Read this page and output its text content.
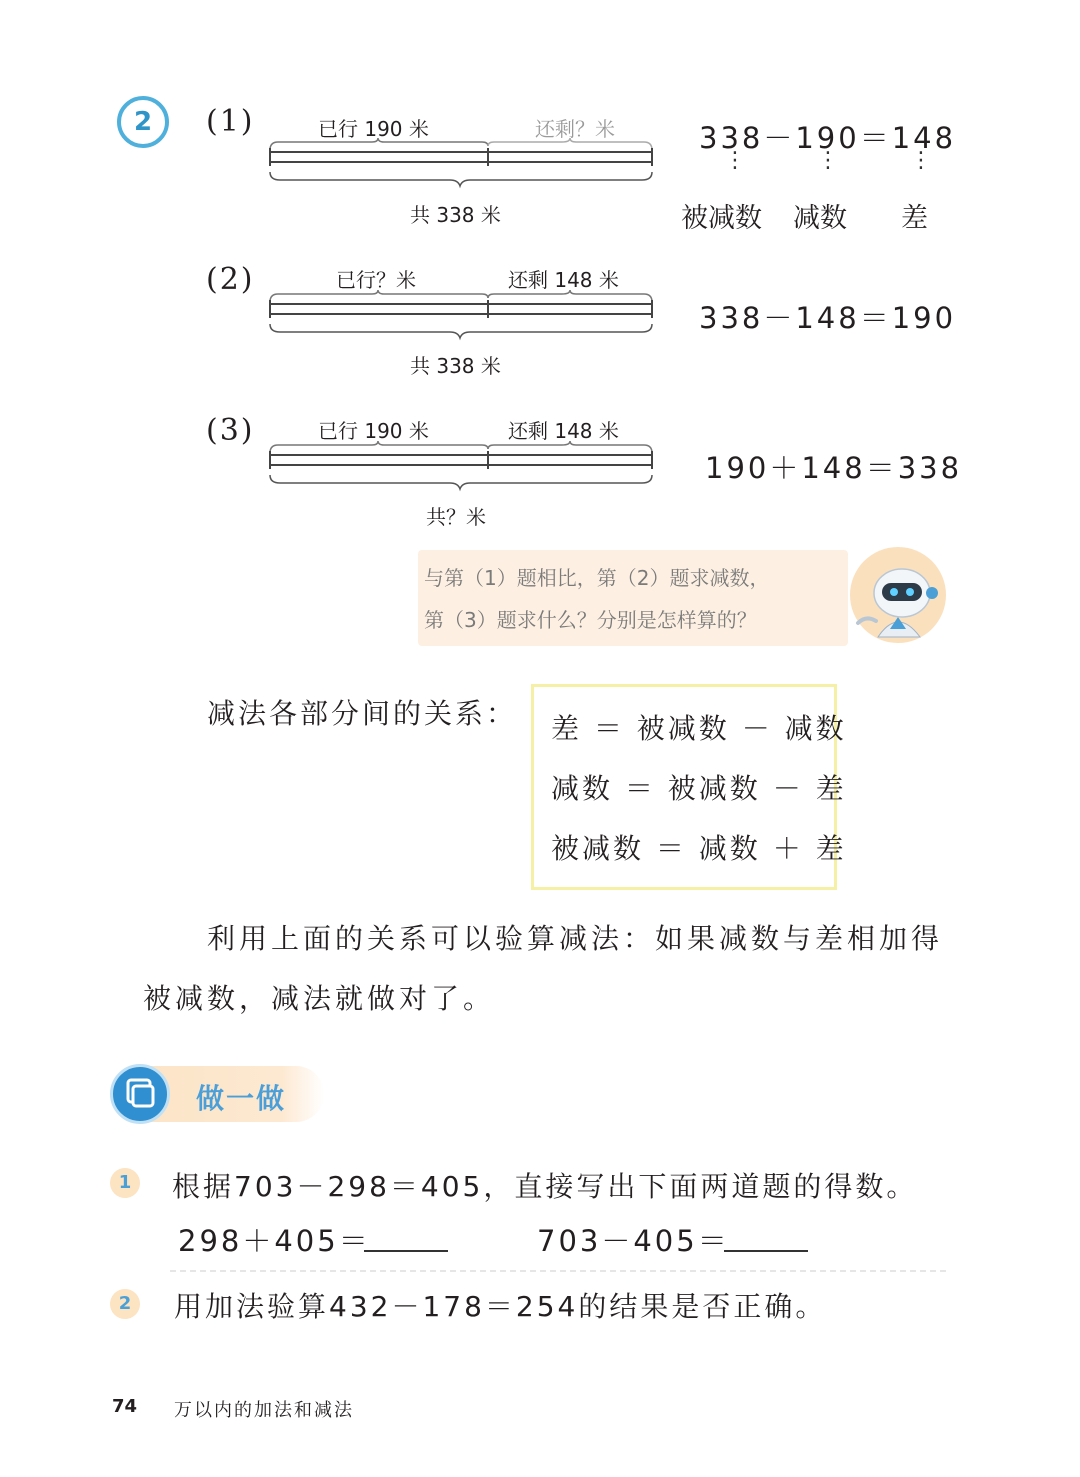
2	(1)	已行 190 米	还剩？米
共 338 米
338－190＝148
⋮	⋮	⋮
被减数 减数 差
(2)	已行？米	还剩 148 米
共 338 米
338－148＝190
(3)	已行 190 米	还剩 148 米
共？米
190＋148＝338
与第（1）题相比，第（2）题求减数，
第（3）题求什么？分别是怎样算的？
减法各部分间的关系： 差 ＝ 被减数 － 减数
减数 ＝ 被减数 － 差
被减数 ＝ 减数 ＋ 差
利用上面的关系可以验算减法：如果减数与差相加得
被减数，减法就做对了。
做一做
1	根据703－298＝405，直接写出下面两道题的得数。
298＋405＝	703－405＝
2	用加法验算432－178＝254的结果是否正确。
74 万以内的加法和减法
